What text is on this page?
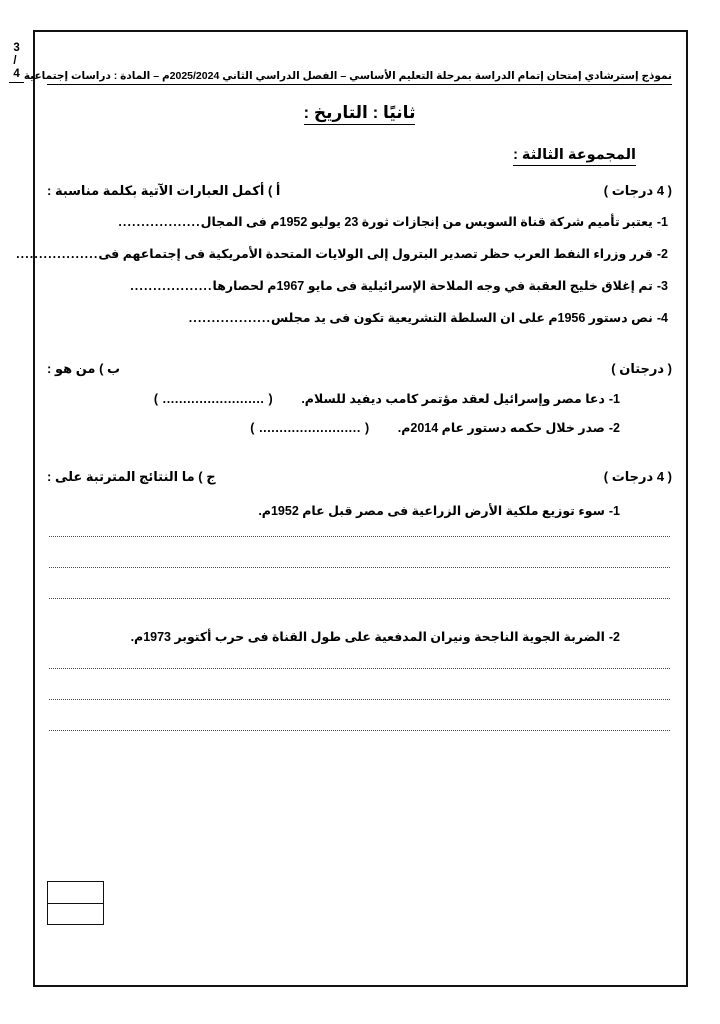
نموذج إسترشادي إمتحان إتمام الدراسة بمرحلة التعليم الأساسي – الفصل الدراسي الثاني 2025/2024م – المادة : دراسات إجتماعية
3 / 4
ثانيًا : التاريخ :
المجموعة الثالثة :
أ ) أكمل العبارات الآتية بكلمة مناسبة :	( 4 درجات )
1-
يعتبر تأميم شركة قناة السويس من إنجازات ثورة 23 يوليو 1952م فى المجال
..................
2-
قرر وزراء النفط العرب حظر تصدير البترول إلى الولايات المتحدة الأمريكية فى إجتماعهم فى
..................
3-
تم إغلاق خليج العقبة في وجه الملاحة الإسرائيلية فى مايو 1967م لحصارها
..................
4-
نص دستور 1956م على ان السلطة التشريعية تكون فى يد مجلس
..................
ب ) من هو :	( درجتان )
1-
دعا مصر وإسرائيل لعقد مؤتمر كامب ديفيد للسلام.
( ......................... )
2-
صدر خلال حكمه دستور عام 2014م.
( ......................... )
ج ) ما النتائج المترتبة على :	( 4 درجات )
1-
سوء توزيع ملكية الأرض الزراعية فى مصر قبل عام 1952م.
2-
الضربة الجوية الناجحة ونيران المدفعية على طول القناة فى حرب أكتوبر 1973م.
